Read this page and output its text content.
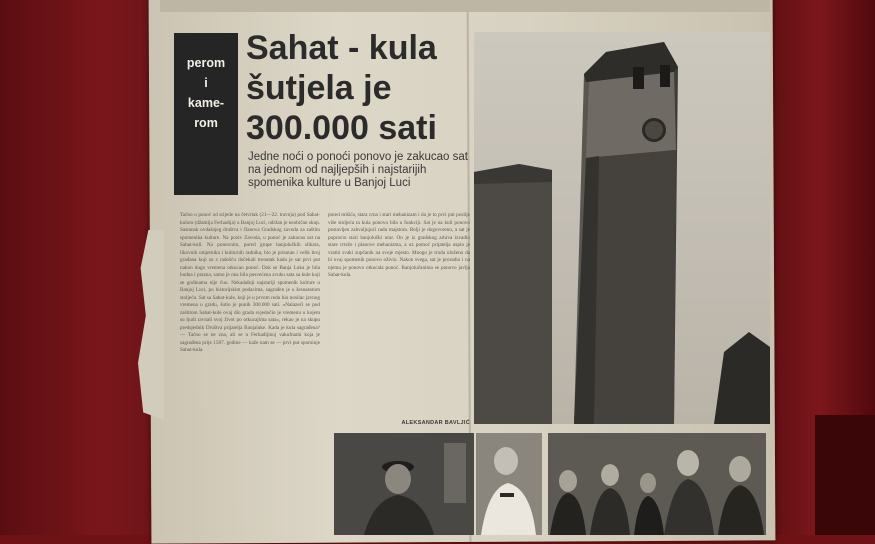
perom
i
kame-
rom
Sahat - kula
šutjela je
300.000 sati

Jedne noći o ponoći ponovo je zakucao sat na jednom od najljepših i najstarijih spomenika kulture u Banjoj Luci

Tačno u ponoć od srijede na četvrtak (21—22. travnja) pod Sahat-kulom (džamija Ferhadija) u Banjoj Luci, održan je neobičan skup. Sastanak ovdašnjeg društva i članova Gradskog zavoda za zaštitu spomenika kulture. Na poziv Zavoda, u ponoć je zakucao sat na Sahat-kuli. Na ponovnim, pored grupe banjolučkih slikara, likovnih umjetnika i kulturnih radnika, bio je prisutan i velik broj građana koji su s radošću dočekali trenutak kada je sat prvi put nakon dugo vremena otkucao ponoć. Dok se Banja Luka je bila budna i prazna, samo je ona bila posvećena zvuku sata sa kule koji se godinama nije čuo. Nekadašnji najstariji spomenik kulture u Banjoj Luci, po historijskim podacima, sagrađen je u šesnaestom stoljeću. Sat sa Sahat-kule, koji je u prvom redu bio nosilac javnog vremena u gradu, šutio je punih 300.000 sati. »Nalazeći se pod zaštitom Sahat-kule ovaj dio grada svjedočio je vremenu u kojem su ljudi ravnali svoj život po otkucajima sata«, rekao je na skupu predsjednik Društva prijatelja Banjaluke. Kada je kula sagrađena? — Tačno se ne zna, ali se u Ferhadijinoj vakufnami koja je sagrađena prije 1587. godine — kaže nam se — prvi put spominje Sahat-kula.

pored mišića, stara crna i stari mehanizam i da je to prvi put poslije više stoljeća ta kula ponovo bila u funkciji. Sat je na kuli ponovo postavljen zahvaljujući radu majstora. Bolji je dogovoreno, a sat je popravio stari banjolučki urar. On je iz gradskog arhiva izvadio stare crteže i planove mehanizma, a uz pomoć prijatelja uspio je vratiti svaki zupčanik na svoje mjesto. Mnogo je truda uloženo da bi ovaj spomenik ponovo oživio. Nakon svega, sat je proradio i na njemu je ponovo otkucala ponoć. Banjolučanima se ponovo javlja Sahat-kula.

ALEKSANDAR BAVLJIĆ
